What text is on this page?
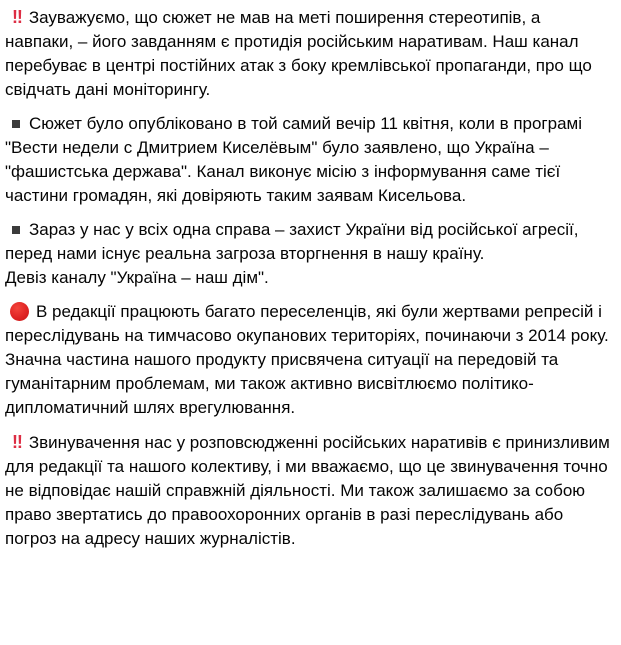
‼ Зауважуємо, що сюжет не мав на меті поширення стереотипів, а навпаки, – його завданням є протидія російським наративам. Наш канал перебуває в центрі постійних атак з боку кремлівської пропаганди, про що свідчать дані моніторингу.

Сюжет було опубліковано в той самий вечір 11 квітня, коли в програмі "Вести недели с Дмитрием Киселёвым" було заявлено, що Україна – "фашистська держава". Канал виконує місію з інформування саме тієї частини громадян, які довіряють таким заявам Кисельова.

Зараз у нас у всіх одна справа – захист України від російської агресії, перед нами існує реальна загроза вторгнення в нашу країну.
Девіз каналу "Україна – наш дім".

В редакції працюють багато переселенців, які були жертвами репресій і переслідувань на тимчасово окупанових територіях, починаючи з 2014 року. Значна частина нашого продукту присвячена ситуації на передовій та гуманітарним проблемам, ми також активно висвітлюємо політико-дипломатичний шлях врегулювання.

‼ Звинувачення нас у розповсюдженні російських наративів є принизливим для редакції та нашого колективу, і ми вважаємо, що це звинувачення точно не відповідає нашій справжній діяльності. Ми також залишаємо за собою право звертатись до правоохоронних органів в разі переслідувань або погроз на адресу наших журналістів.
